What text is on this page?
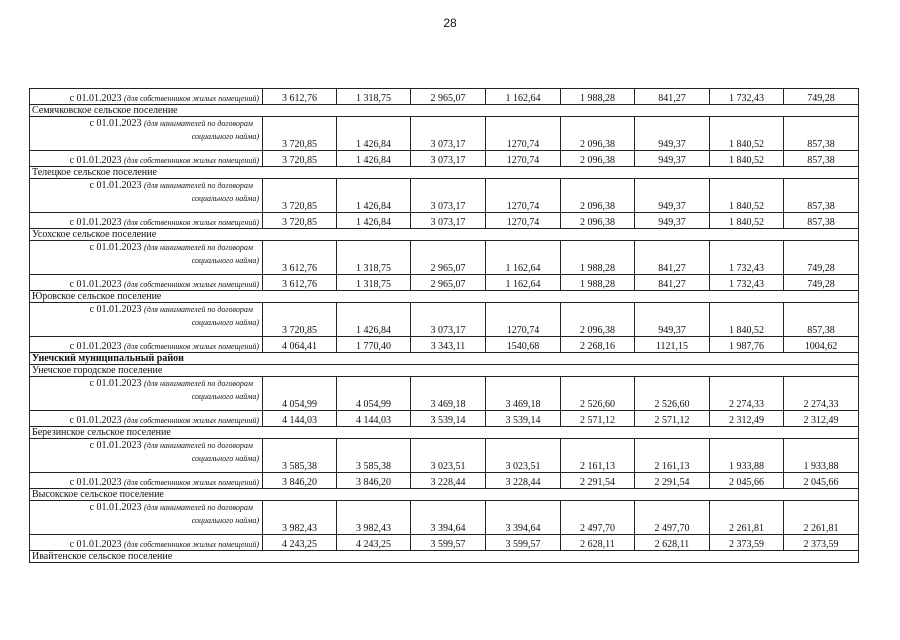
28
с 01.01.2023 (для собственников жилых помещений)	3 612,76	1 318,75	2 965,07	1 162,64	1 988,28	841,27	1 732,43	749,28
Семячковское сельское поселение								

с 01.01.2023 (для нанимателей по договорам
социального найма)	3 720,85	1 426,84	3 073,17	1270,74	2 096,38	949,37	1 840,52	857,38
с 01.01.2023 (для собственников жилых помещений)	3 720,85	1 426,84	3 073,17	1270,74	2 096,38	949,37	1 840,52	857,38
Телецкое сельское поселение								

с 01.01.2023 (для нанимателей по договорам
социального найма)	3 720,85	1 426,84	3 073,17	1270,74	2 096,38	949,37	1 840,52	857,38
с 01.01.2023 (для собственников жилых помещений)	3 720,85	1 426,84	3 073,17	1270,74	2 096,38	949,37	1 840,52	857,38
Усохское сельское поселение								

с 01.01.2023 (для нанимателей по договорам
социального найма)	3 612,76	1 318,75	2 965,07	1 162,64	1 988,28	841,27	1 732,43	749,28
с 01.01.2023 (для собственников жилых помещений)	3 612,76	1 318,75	2 965,07	1 162,64	1 988,28	841,27	1 732,43	749,28
Юровское сельское поселение								

с 01.01.2023 (для нанимателей по договорам
социального найма)	3 720,85	1 426,84	3 073,17	1270,74	2 096,38	949,37	1 840,52	857,38
с 01.01.2023 (для собственников жилых помещений)	4 064,41	1 770,40	3 343,11	1540,68	2 268,16	1121,15	1 987,76	1004,62
Унечский муниципальный район								
Унечское городское поселение								

с 01.01.2023 (для нанимателей по договорам
социального найма)	4 054,99	4 054,99	3 469,18	3 469,18	2 526,60	2 526,60	2 274,33	2 274,33
с 01.01.2023 (для собственников жилых помещений)	4 144,03	4 144,03	3 539,14	3 539,14	2 571,12	2 571,12	2 312,49	2 312,49
Березинское сельское поселение								

с 01.01.2023 (для нанимателей по договорам
социального найма)	3 585,38	3 585,38	3 023,51	3 023,51	2 161,13	2 161,13	1 933,88	1 933,88
с 01.01.2023 (для собственников жилых помещений)	3 846,20	3 846,20	3 228,44	3 228,44	2 291,54	2 291,54	2 045,66	2 045,66
Высокское сельское поселение								

с 01.01.2023 (для нанимателей по договорам
социального найма)	3 982,43	3 982,43	3 394,64	3 394,64	2 497,70	2 497,70	2 261,81	2 261,81
с 01.01.2023 (для собственников жилых помещений)	4 243,25	4 243,25	3 599,57	3 599,57	2 628,11	2 628,11	2 373,59	2 373,59
Ивайтенское сельское поселение								
